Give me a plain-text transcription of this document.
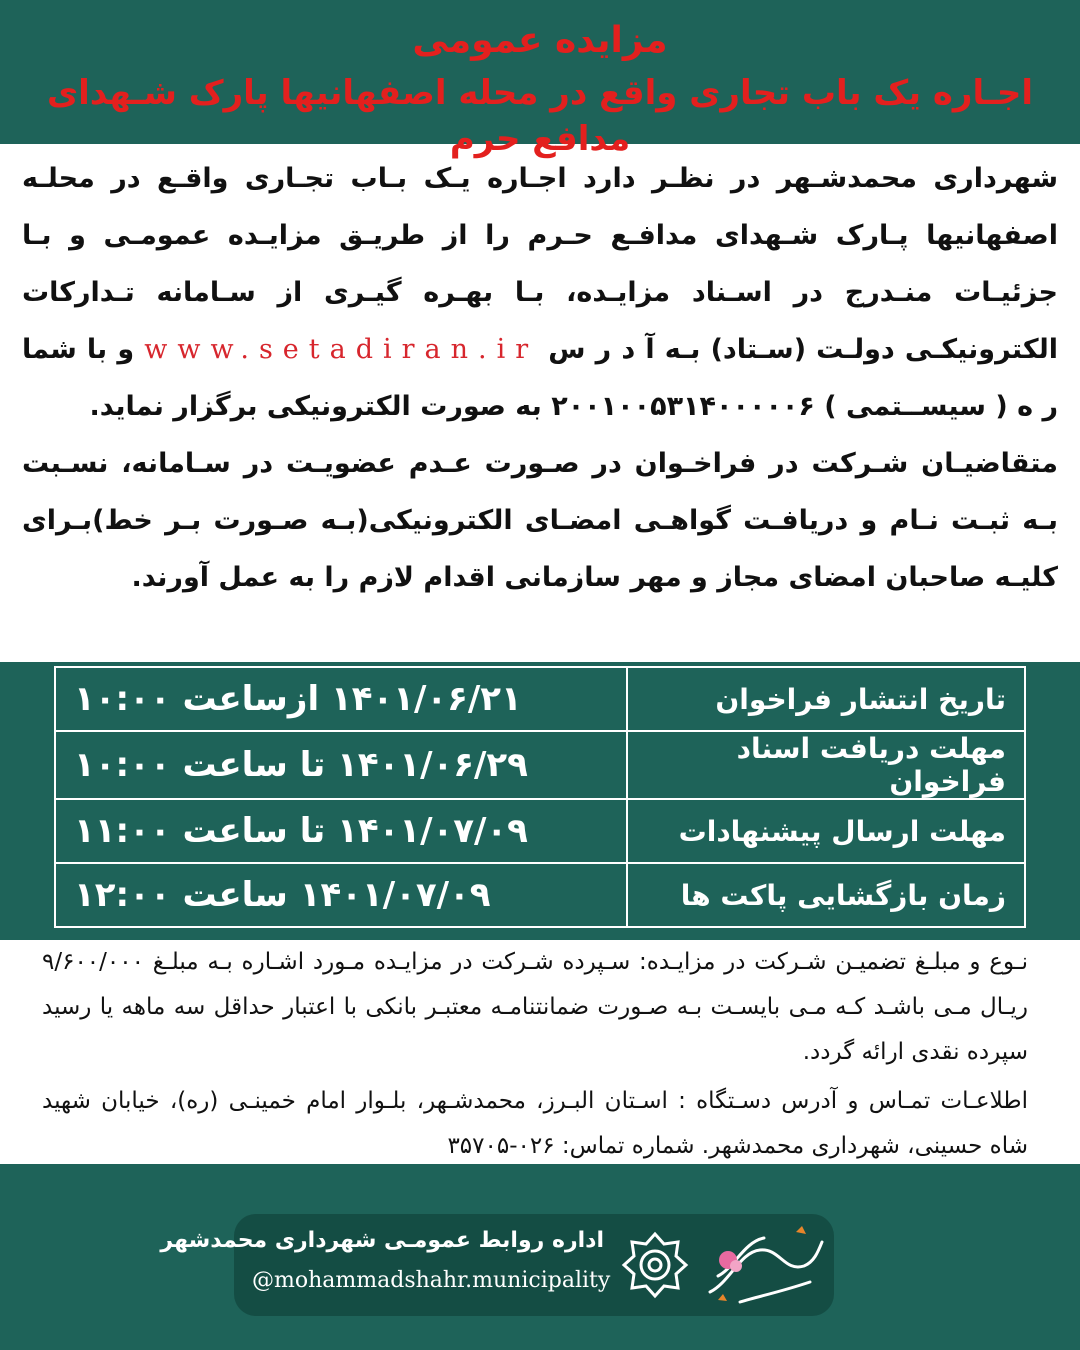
مزایده عمومی
اجـاره یک باب تجاری واقع در محله اصفهانیها پارک شـهدای مدافع حرم

شهرداری محمدشـهر در نظـر دارد اجـاره یـک بـاب تجـاری واقـع در محلـه اصفهانیها پـارک شـهدای مدافـع حـرم را از طریـق مزایـده عمومـی و بـا جزئیـات منـدرج در اسـناد مزایـده، بـا بهـره گیـری از سـامانه تـدارکات الکترونیکـی دولـت (سـتاد) بـه آ د ر س www.setadiran.ir و با شما ر ه ( سیســتمی ) ۲۰۰۱۰۰۵۳۱۴۰۰۰۰۰۶ به صورت الکترونیکی برگزار نماید.

متقاضیـان شـرکت در فراخـوان در صـورت عـدم عضویـت در سـامانه، نسـبت بـه ثبـت نـام و دریافـت گواهـی امضـای الکترونیکی(بـه صـورت بـر خط)بـرای کلیـه صاحبان امضای مجاز و مهر سازمانی اقدام لازم را به عمل آورند.

تاریخ انتشار فراخوان	۱۴۰۱/۰۶/۲۱ ازساعت ۱۰:۰۰
مهلت دریافت اسناد فراخوان	۱۴۰۱/۰۶/۲۹ تا ساعت ۱۰:۰۰
مهلت ارسال پیشنهادات	۱۴۰۱/۰۷/۰۹ تا ساعت ۱۱:۰۰
زمان بازگشایی پاکت ها	۱۴۰۱/۰۷/۰۹ ساعت ۱۲:۰۰

نـوع و مبلـغ تضمیـن شـرکت در مزایـده: سـپرده شـرکت در مزایـده مـورد اشـاره بـه مبلـغ ۹/۶۰۰/۰۰۰ ریـال مـی باشـد کـه مـی بایسـت بـه صـورت ضمانتنامـه معتبـر بانکی با اعتبار حداقل سه ماهه یا رسید سپرده نقدی ارائه گردد.

اطلاعـات تمـاس و آدرس دسـتگاه : اسـتان البـرز، محمدشـهر، بلـوار امام خمینـی (ره)، خیابان شهید شاه حسینی، شهرداری محمدشهر. شماره تماس: ۰۲۶-۳۵۷۰۵

اداره روابط عمومـی شهرداری محمدشهر
@mohammadshahr.municipality
